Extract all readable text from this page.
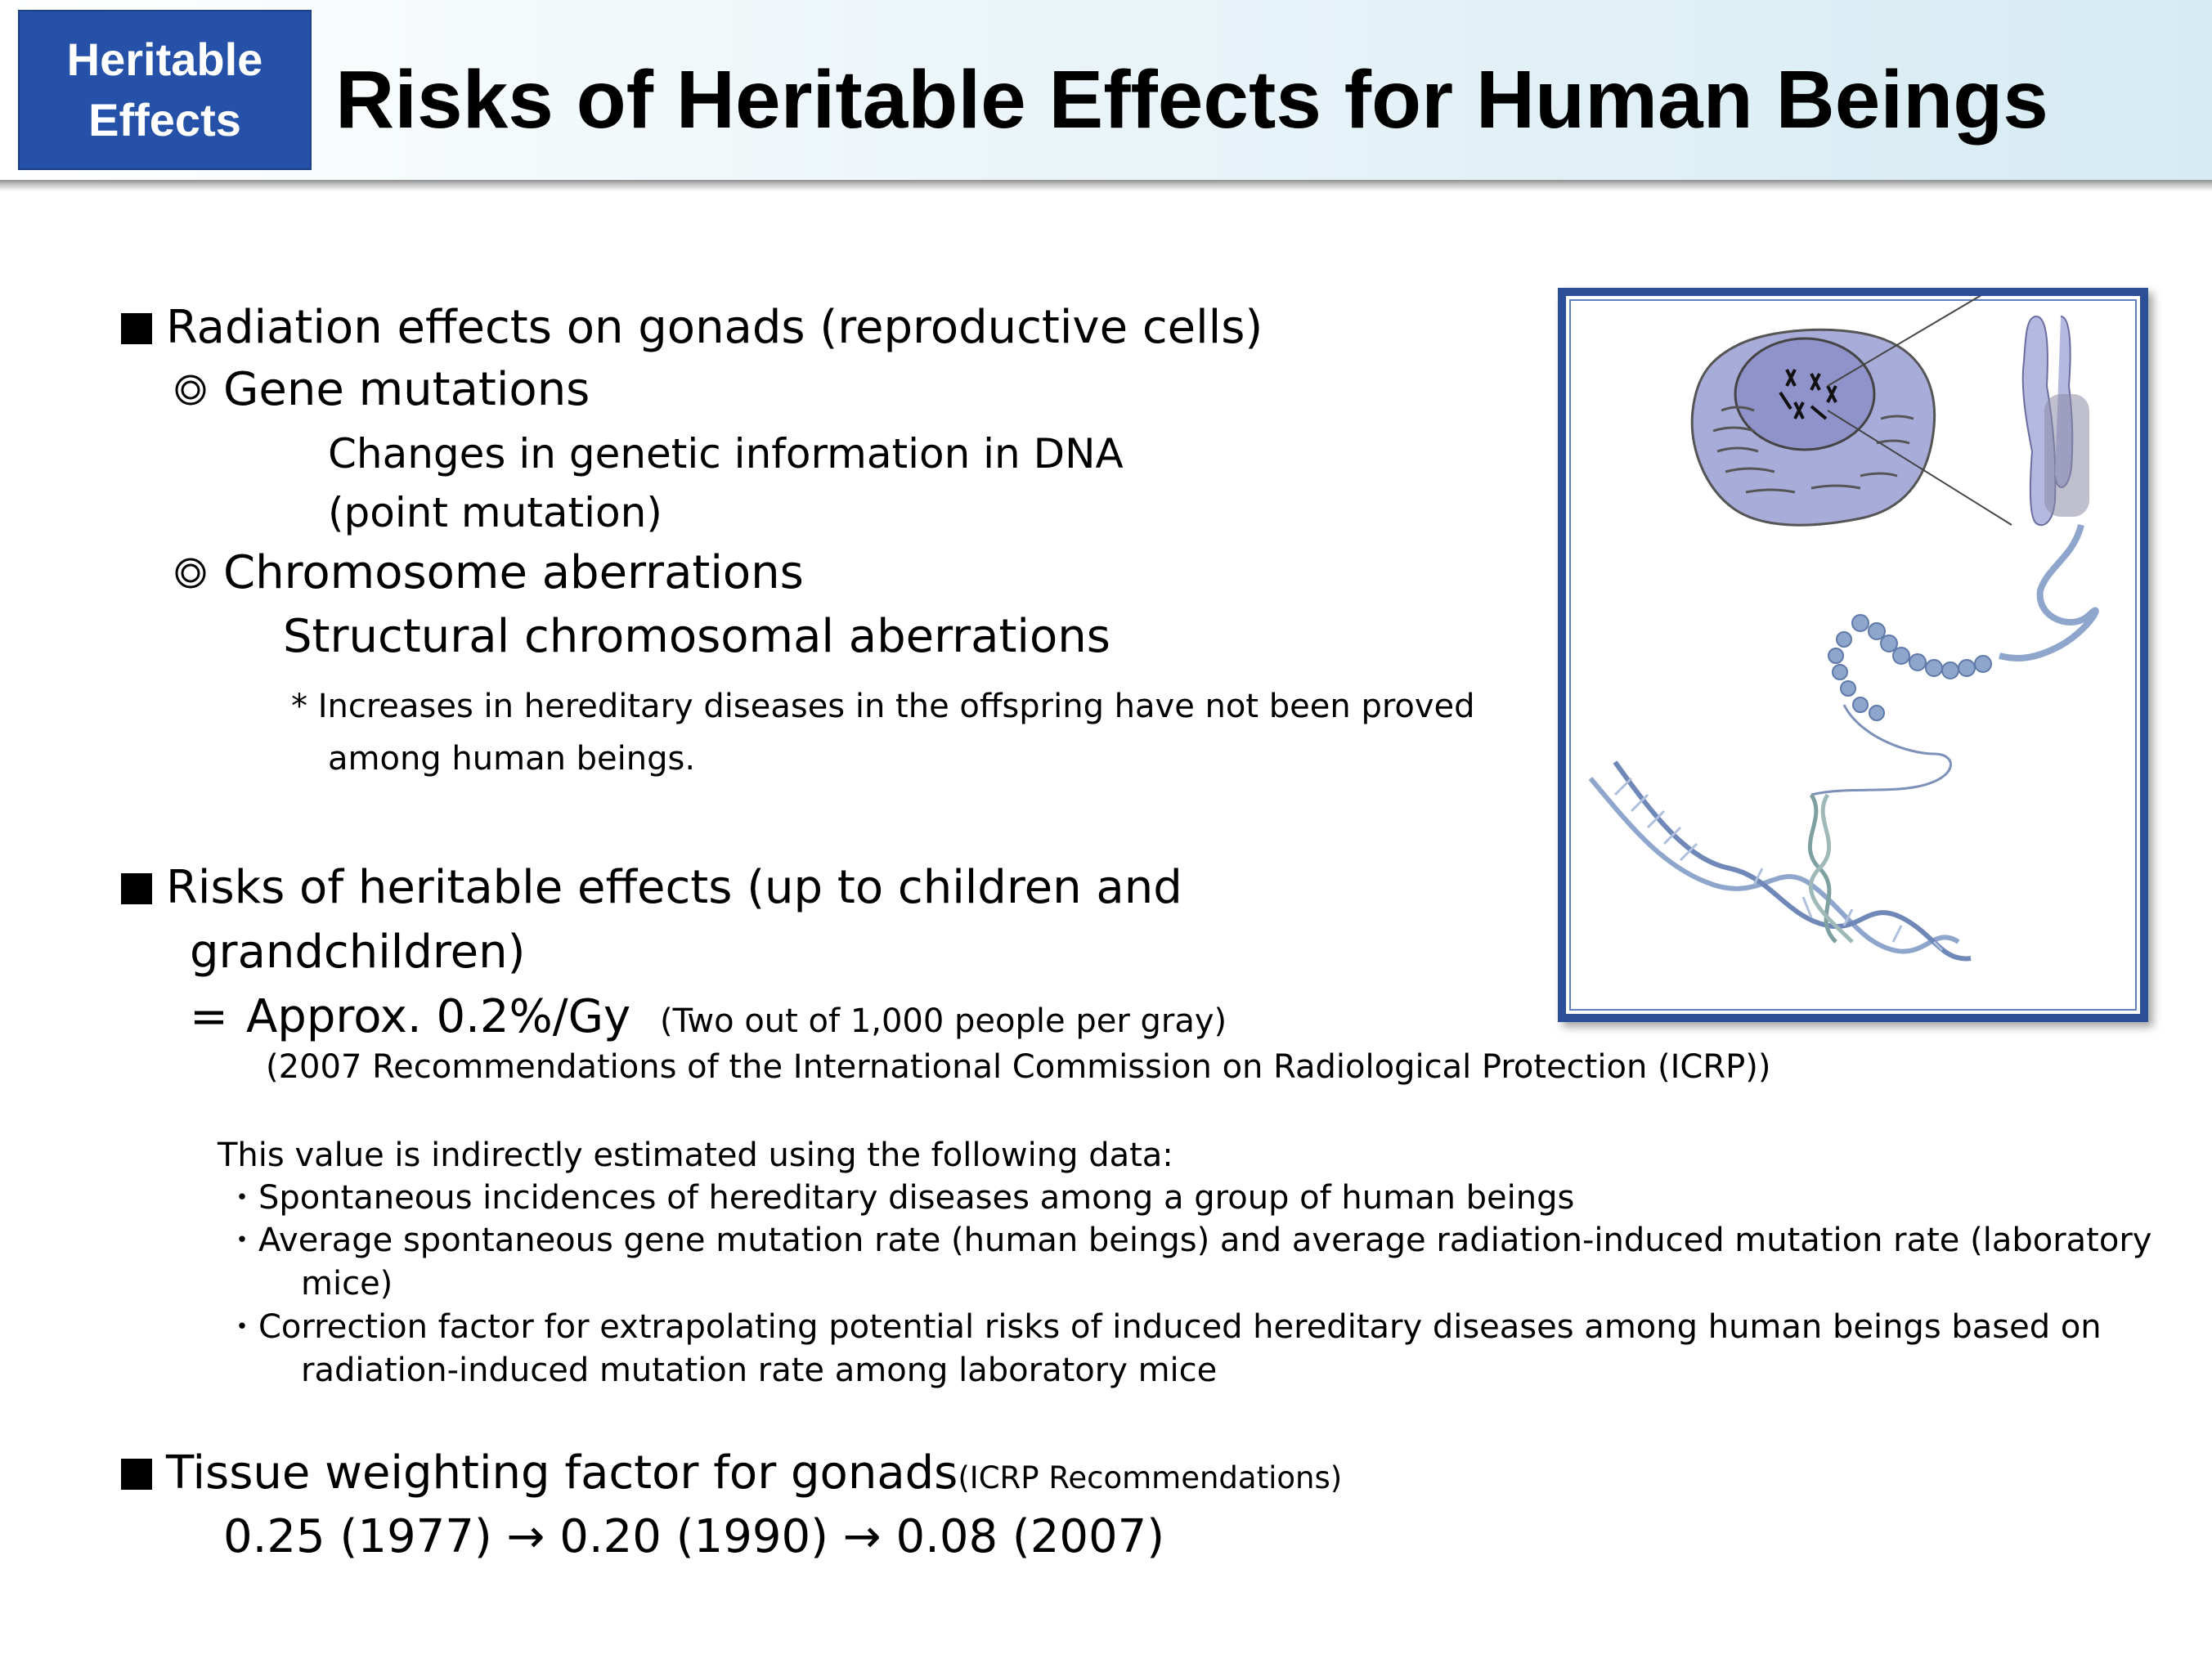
Heritable
Effects Risks of Heritable Effects for Human Beings
Radiation effects on gonads (reproductive cells)
Gene mutations
Changes in genetic information in DNA
(point mutation)
Chromosome aberrations
Structural chromosomal aberrations
* Increases in hereditary diseases in the offspring have not been proved
among human beings.
Risks of heritable effects (up to children and
grandchildren)
= Approx. 0.2%/Gy (Two out of 1,000 people per gray)
(2007 Recommendations of the International Commission on Radiological Protection (ICRP))
This value is indirectly estimated using the following data:
・Spontaneous incidences of hereditary diseases among a group of human beings
・Average spontaneous gene mutation rate (human beings) and average radiation-induced mutation rate (laboratory
mice)
・Correction factor for extrapolating potential risks of induced hereditary diseases among human beings based on
radiation-induced mutation rate among laboratory mice
Tissue weighting factor for gonads(ICRP Recommendations)
0.25 (1977) → 0.20 (1990) → 0.08 (2007)
